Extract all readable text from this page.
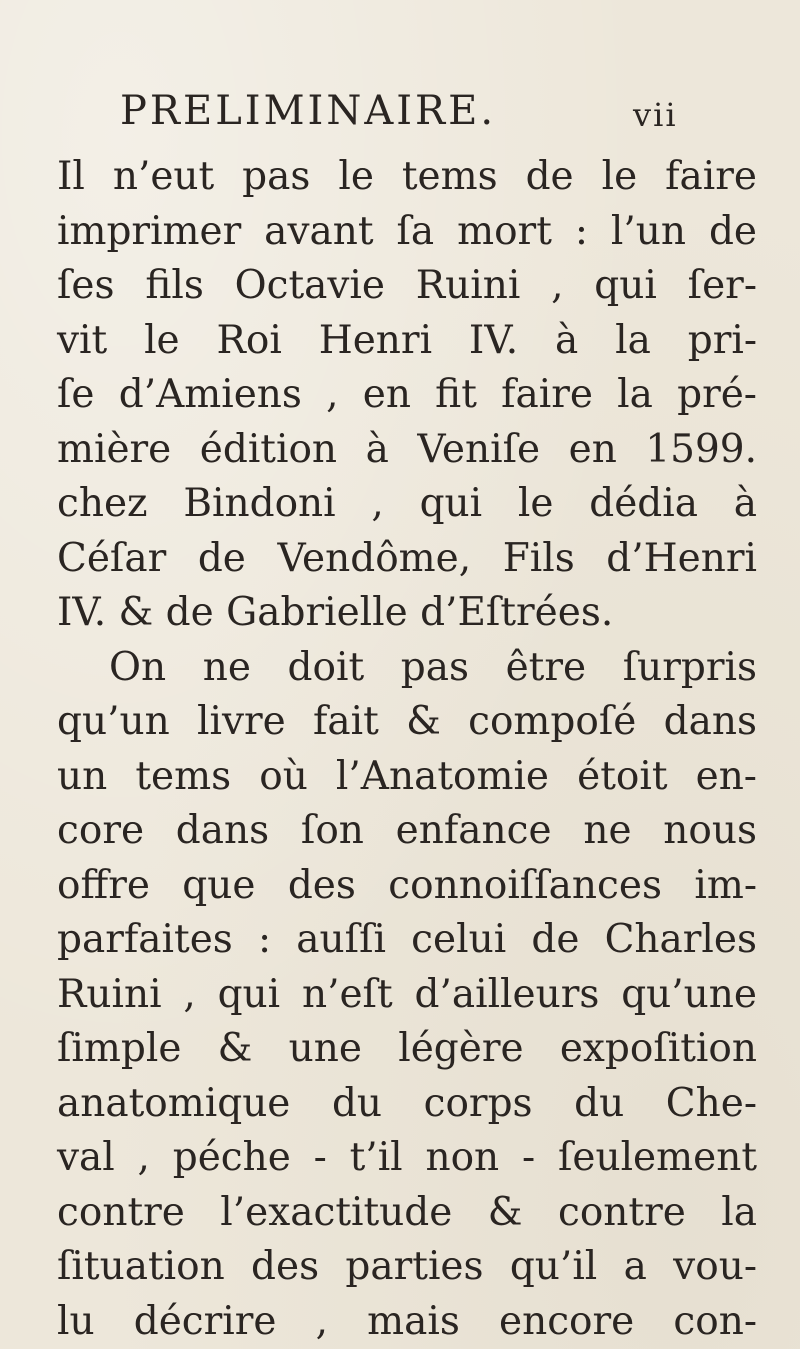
PRELIMINAIRE.	vii
Il n’eut pas le tems de le faire
imprimer avant ſa mort : l’un de
ſes fils Octavie Ruini , qui ſer-
vit le Roi Henri IV. à la pri-
ſe d’Amiens , en fit faire la pré-
mière édition à Veniſe en 1599.
chez Bindoni , qui le dédia à
Céſar de Vendôme, Fils d’Henri
IV. & de Gabrielle d’Eſtrées.
On ne doit pas être ſurpris
qu’un livre fait & compoſé dans
un tems où l’Anatomie étoit en-
core dans ſon enfance ne nous
offre que des connoiſſances im-
parfaites : auſſi celui de Charles
Ruini , qui n’eſt d’ailleurs qu’une
ſimple & une légère expoſition
anatomique du corps du Che-
val , péche - t’il non - ſeulement
contre l’exactitude & contre la
ſituation des parties qu’il a vou-
lu décrire , mais encore con-
